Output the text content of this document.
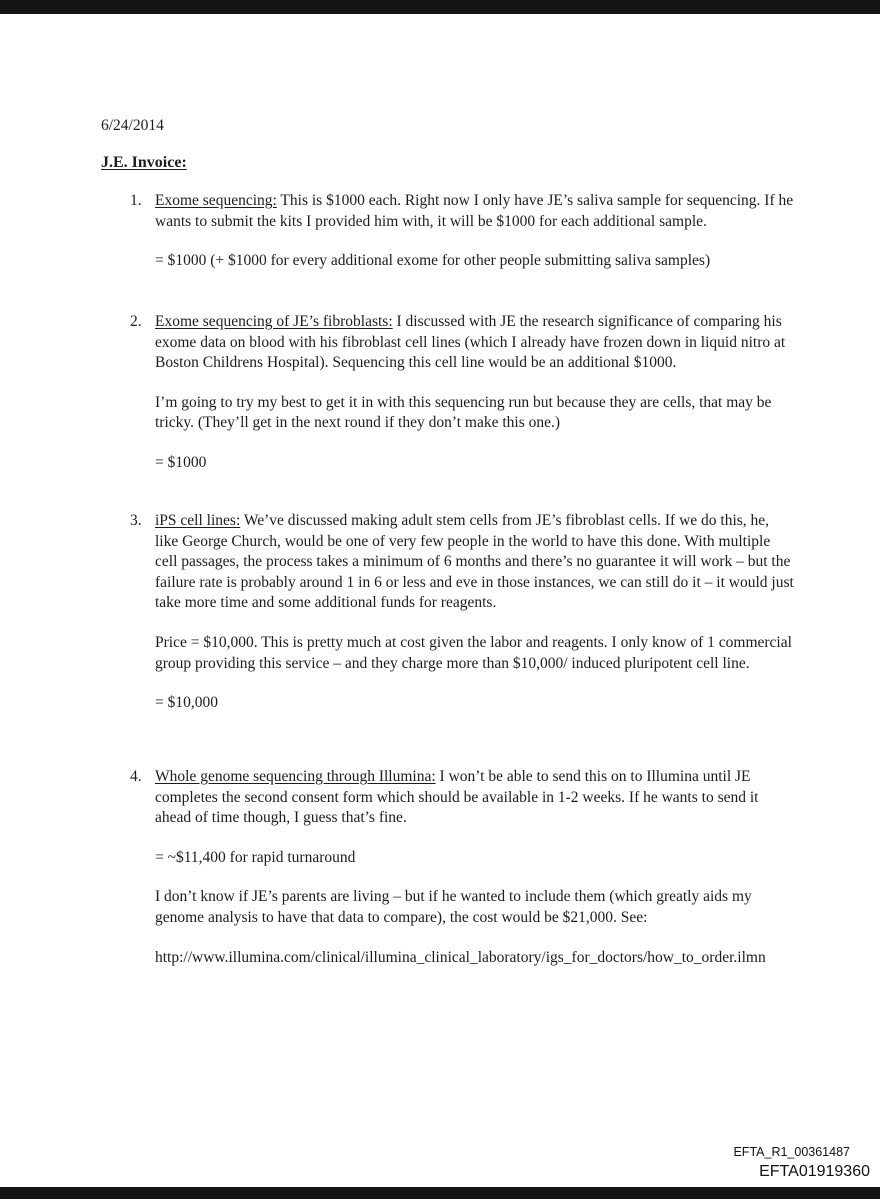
6/24/2014
J.E. Invoice:
1. Exome sequencing: This is $1000 each. Right now I only have JE’s saliva sample for sequencing. If he wants to submit the kits I provided him with, it will be $1000 for each additional sample.

= $1000 (+ $1000 for every additional exome for other people submitting saliva samples)

2. Exome sequencing of JE’s fibroblasts: I discussed with JE the research significance of comparing his exome data on blood with his fibroblast cell lines (which I already have frozen down in liquid nitro at Boston Childrens Hospital). Sequencing this cell line would be an additional $1000.

I’m going to try my best to get it in with this sequencing run but because they are cells, that may be tricky. (They’ll get in the next round if they don’t make this one.)

= $1000

3. iPS cell lines: We’ve discussed making adult stem cells from JE’s fibroblast cells. If we do this, he, like George Church, would be one of very few people in the world to have this done. With multiple cell passages, the process takes a minimum of 6 months and there’s no guarantee it will work – but the failure rate is probably around 1 in 6 or less and eve in those instances, we can still do it – it would just take more time and some additional funds for reagents.

Price = $10,000. This is pretty much at cost given the labor and reagents. I only know of 1 commercial group providing this service – and they charge more than $10,000/ induced pluripotent cell line.

= $10,000

4. Whole genome sequencing through Illumina: I won’t be able to send this on to Illumina until JE completes the second consent form which should be available in 1-2 weeks. If he wants to send it ahead of time though, I guess that’s fine.

= ~$11,400 for rapid turnaround

I don’t know if JE’s parents are living – but if he wanted to include them (which greatly aids my genome analysis to have that data to compare), the cost would be $21,000. See:

http://www.illumina.com/clinical/illumina_clinical_laboratory/igs_for_doctors/how_to_order.ilmn

EFTA_R1_00361487
EFTA01919360
